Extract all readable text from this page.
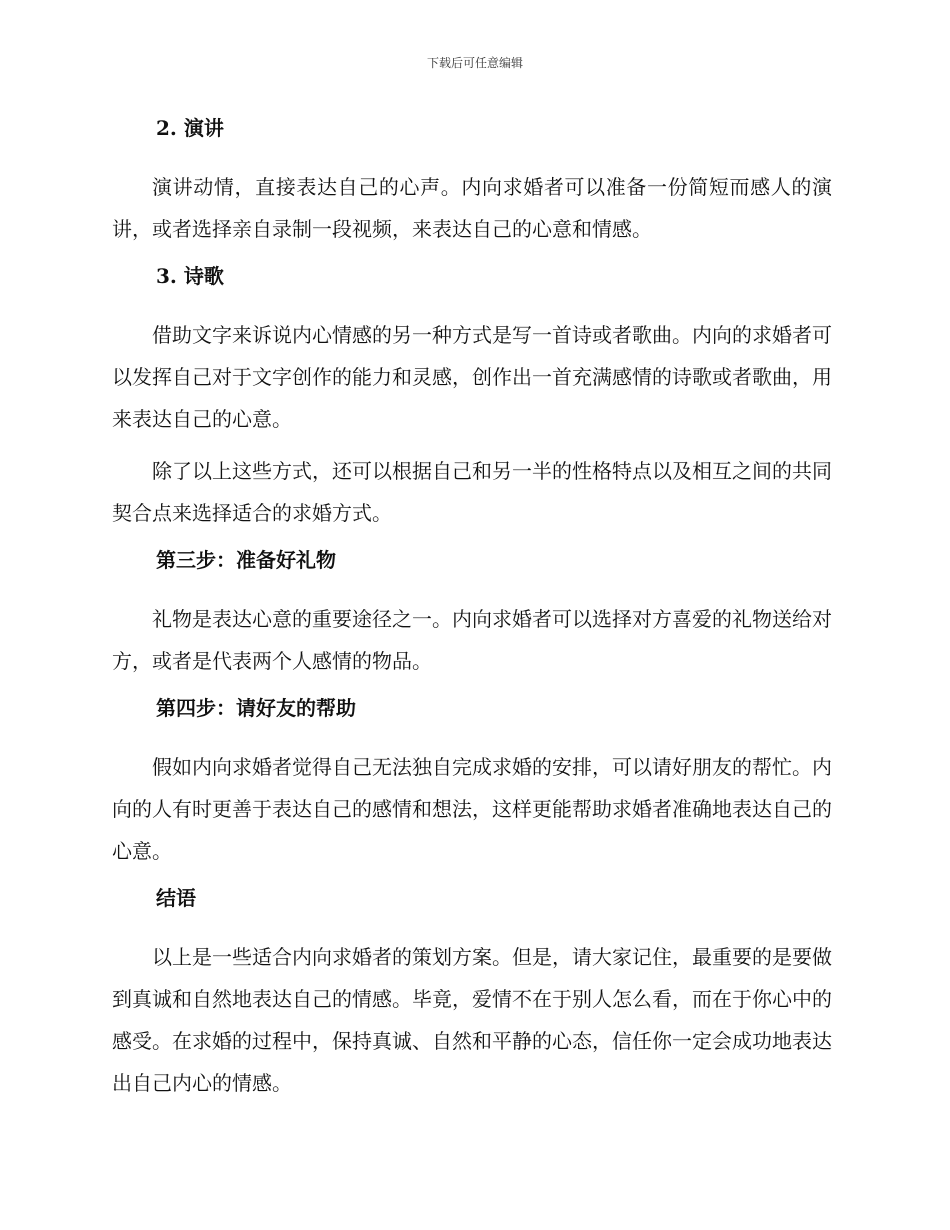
下载后可任意编辑
2. 演讲

演讲动情，直接表达自己的心声。内向求婚者可以准备一份简短而感人的演讲，或者选择亲自录制一段视频，来表达自己的心意和情感。

3. 诗歌

借助文字来诉说内心情感的另一种方式是写一首诗或者歌曲。内向的求婚者可以发挥自己对于文字创作的能力和灵感，创作出一首充满感情的诗歌或者歌曲，用来表达自己的心意。

除了以上这些方式，还可以根据自己和另一半的性格特点以及相互之间的共同契合点来选择适合的求婚方式。

第三步：准备好礼物

礼物是表达心意的重要途径之一。内向求婚者可以选择对方喜爱的礼物送给对方，或者是代表两个人感情的物品。

第四步：请好友的帮助

假如内向求婚者觉得自己无法独自完成求婚的安排，可以请好朋友的帮忙。内向的人有时更善于表达自己的感情和想法，这样更能帮助求婚者准确地表达自己的心意。

结语

以上是一些适合内向求婚者的策划方案。但是，请大家记住，最重要的是要做到真诚和自然地表达自己的情感。毕竟，爱情不在于别人怎么看，而在于你心中的感受。在求婚的过程中，保持真诚、自然和平静的心态，信任你一定会成功地表达出自己内心的情感。
